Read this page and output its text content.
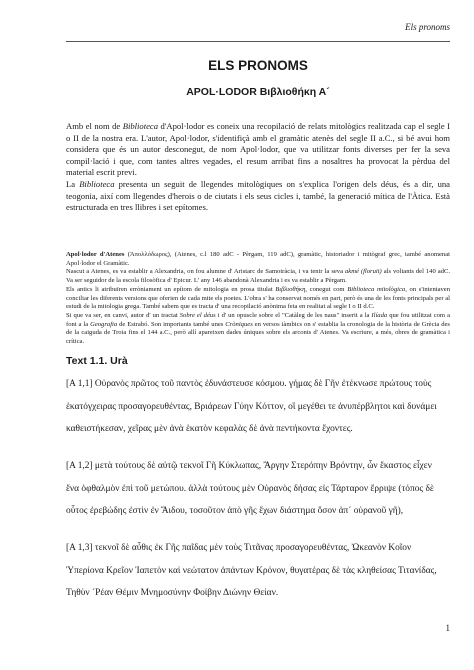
Els pronoms
ELS PRONOMS
APOL·LODOR Βιβλιοθήκη Α´
Amb el nom de Biblioteca d'Apol·lodor es coneix una recopilació de relats mitològics realitzada cap el segle I o II de la nostra era. L'autor, Apol·lodor, s'identifiçà amb el gramàtic atenès del segle II a.C., si bé avui hom considera que és un autor desconegut, de nom Apol·lodor, que va utilitzar fonts diverses per fer la seva compil·lació i que, com tantes altres vegades, el resum arribat fins a nosaltres ha provocat la pèrdua del material escrit previ.
La Biblioteca presenta un seguit de llegendes mitològiques on s'explica l'origen dels déus, és a dir, una teogonia, així com llegendes d'herois o de ciutats i els seus cicles i, també, la generació mítica de l'Àtica. Està estructurada en tres llibres i set epítomes.
Apol·lodor d'Atenes (Ἀπολλόδωρος), (Atenes, c.l 180 adC - Pèrgam, 119 adC), gramàtic, historiador i mitògraf grec, també anomenat Apol·lodor el Gramàtic.
Nascut a Atenes, es va establir a Alexandria, on fou alumne d' Aristarc de Samotràcia, i va tenir la seva akmé (floruit) als voltants del 140 adC. Va ser seguidor de la escola filosòfica d' Epicur. L' any 146 abandonà Alexandria i es va establir a Pèrgam.
Els antics li atribuïren erròniament un epítom de mitologia en prosa titulat Βιβλιοθήκη, conegut com Biblioteca mitològica, on s'intentaven conciliar les diferents versions que oferien de cada mite els poetes. L'obra s' ha conservat només en part, però és una de les fonts principals per al estudi de la mitologia grega. També sabem que es tracta d' una recopilació anònima feta en realitat al segle I o II d.C.
Si que va ser, en canvi, autor d' un tractat Sobre el déus i d' un opuscle sobre el "Catàleg de les naus" inserit a la Ilíada que fou utilitzat com a font a la Geografia de Estrabó. Son importants també unes Cròniques en versos iàmbics on s' establia la cronologia de la història de Grècia des de la caiguda de Troia fins el 144 a.C., però allí apareixen dades úniques sobre els arconts d' Atenes. Va escriure, a més, obres de gramàtica i crítica.
Text 1.1. Urà

[A 1,1] Οὐρανὸς πρῶτος τοῦ παντὸς ἐδυνάστευσε κόσμου. γήμας δὲ Γῆν ἐτέκνωσε πρώτους τοὺς ἑκατόγχειρας προσαγορευθέντας, Βριάρεων Γύην Κόττον, οἳ μεγέθει τε ἀνυπέρβλητοι καὶ δυνάμει καθειστήκεσαν, χεῖρας μὲν ἀνὰ ἑκατὸν κεφαλὰς δὲ ἀνὰ πεντήκοντα ἔχοντες.

[A 1,2] μετὰ τούτους δὲ αὐτῷ τεκνοῖ Γῆ Κύκλωπας, Ἄργην Στερόπην Βρόντην, ὧν ἕκαστος εἶχεν ἕνα ὀφθαλμὸν ἐπὶ τοῦ μετώπου. ἀλλὰ τούτους μὲν Οὐρανὸς δήσας εἰς Τάρταρον ἔρριψε (τόπος δὲ οὗτος ἐρεβώδης ἐστὶν ἐν Ἅιδου, τοσοῦτον ἀπὸ γῆς ἔχων διάστημα ὅσον ἀπ´ οὐρανοῦ γῆ),

[A 1,3] τεκνοῖ δὲ αὖθις ἐκ Γῆς παῖδας μὲν τοὺς Τιτᾶνας προσαγορευθέντας, Ὠκεανὸν Κοῖον Ὑπερίονα Κρεῖον Ἰαπετὸν καὶ νεώτατον ἁπάντων Κρόνον, θυγατέρας δὲ τὰς κληθείσας Τιτανίδας, Τηθὺν ´Ρέαν Θέμιν Μνημοσύνην Φοίβην Διώνην Θείαν.

1
